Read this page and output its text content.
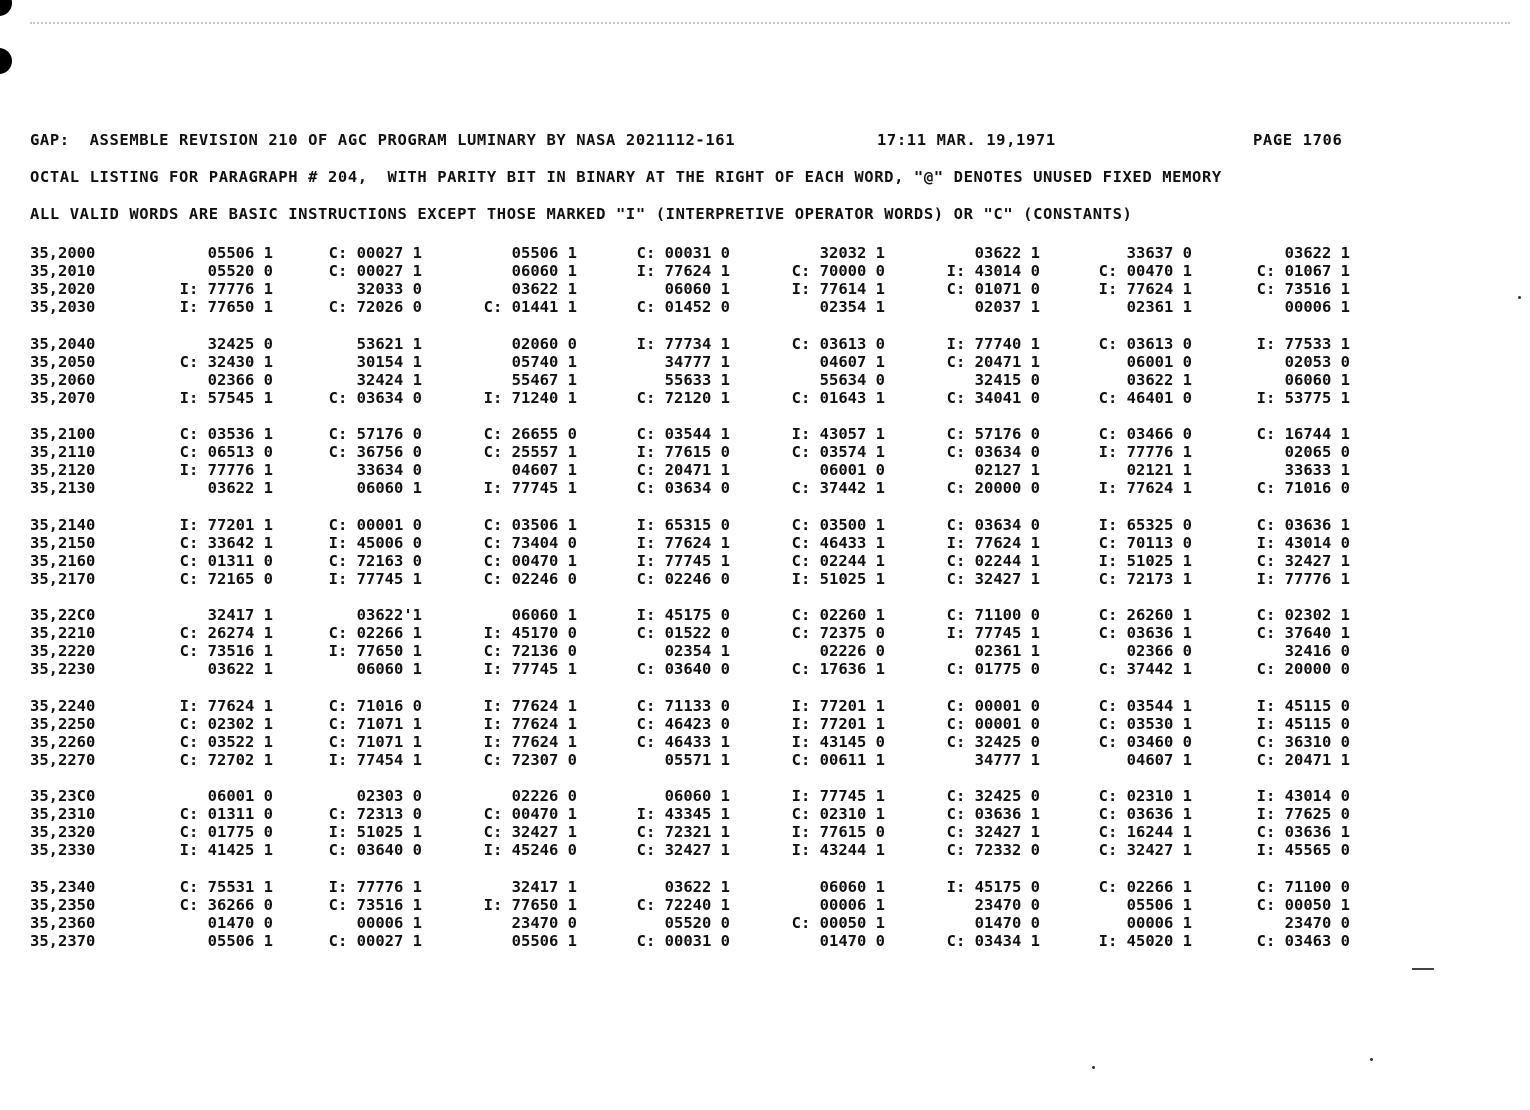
GAP:  ASSEMBLE REVISION 210 OF AGC PROGRAM LUMINARY BY NASA 2021112-161	17:11 MAR. 19,1971	PAGE 1706
OCTAL LISTING FOR PARAGRAPH # 204,  WITH PARITY BIT IN BINARY AT THE RIGHT OF EACH WORD, "@" DENOTES UNUSED FIXED MEMORY
ALL VALID WORDS ARE BASIC INSTRUCTIONS EXCEPT THOSE MARKED "I" (INTERPRETIVE OPERATOR WORDS) OR "C" (CONSTANTS)
35,2000	05506 1	C: 00027 1	05506 1	C: 00031 0	32032 1	03622 1	33637 0	03622 1
35,2010	05520 0	C: 00027 1	06060 1	I: 77624 1	C: 70000 0	I: 43014 0	C: 00470 1	C: 01067 1
35,2020	I: 77776 1	32033 0	03622 1	06060 1	I: 77614 1	C: 01071 0	I: 77624 1	C: 73516 1
35,2030	I: 77650 1	C: 72026 0	C: 01441 1	C: 01452 0	02354 1	02037 1	02361 1	00006 1
35,2040	32425 0	53621 1	02060 0	I: 77734 1	C: 03613 0	I: 77740 1	C: 03613 0	I: 77533 1
35,2050	C: 32430 1	30154 1	05740 1	34777 1	04607 1	C: 20471 1	06001 0	02053 0
35,2060	02366 0	32424 1	55467 1	55633 1	55634 0	32415 0	03622 1	06060 1
35,2070	I: 57545 1	C: 03634 0	I: 71240 1	C: 72120 1	C: 01643 1	C: 34041 0	C: 46401 0	I: 53775 1
35,2100	C: 03536 1	C: 57176 0	C: 26655 0	C: 03544 1	I: 43057 1	C: 57176 0	C: 03466 0	C: 16744 1
35,2110	C: 06513 0	C: 36756 0	C: 25557 1	I: 77615 0	C: 03574 1	C: 03634 0	I: 77776 1	02065 0
35,2120	I: 77776 1	33634 0	04607 1	C: 20471 1	06001 0	02127 1	02121 1	33633 1
35,2130	03622 1	06060 1	I: 77745 1	C: 03634 0	C: 37442 1	C: 20000 0	I: 77624 1	C: 71016 0
35,2140	I: 77201 1	C: 00001 0	C: 03506 1	I: 65315 0	C: 03500 1	C: 03634 0	I: 65325 0	C: 03636 1
35,2150	C: 33642 1	I: 45006 0	C: 73404 0	I: 77624 1	C: 46433 1	I: 77624 1	C: 70113 0	I: 43014 0
35,2160	C: 01311 0	C: 72163 0	C: 00470 1	I: 77745 1	C: 02244 1	C: 02244 1	I: 51025 1	C: 32427 1
35,2170	C: 72165 0	I: 77745 1	C: 02246 0	C: 02246 0	I: 51025 1	C: 32427 1	C: 72173 1	I: 77776 1
35,22C0	32417 1	03622'1	06060 1	I: 45175 0	C: 02260 1	C: 71100 0	C: 26260 1	C: 02302 1
35,2210	C: 26274 1	C: 02266 1	I: 45170 0	C: 01522 0	C: 72375 0	I: 77745 1	C: 03636 1	C: 37640 1
35,2220	C: 73516 1	I: 77650 1	C: 72136 0	02354 1	02226 0	02361 1	02366 0	32416 0
35,2230	03622 1	06060 1	I: 77745 1	C: 03640 0	C: 17636 1	C: 01775 0	C: 37442 1	C: 20000 0
35,2240	I: 77624 1	C: 71016 0	I: 77624 1	C: 71133 0	I: 77201 1	C: 00001 0	C: 03544 1	I: 45115 0
35,2250	C: 02302 1	C: 71071 1	I: 77624 1	C: 46423 0	I: 77201 1	C: 00001 0	C: 03530 1	I: 45115 0
35,2260	C: 03522 1	C: 71071 1	I: 77624 1	C: 46433 1	I: 43145 0	C: 32425 0	C: 03460 0	C: 36310 0
35,2270	C: 72702 1	I: 77454 1	C: 72307 0	05571 1	C: 00611 1	34777 1	04607 1	C: 20471 1
35,23C0	06001 0	02303 0	02226 0	06060 1	I: 77745 1	C: 32425 0	C: 02310 1	I: 43014 0
35,2310	C: 01311 0	C: 72313 0	C: 00470 1	I: 43345 1	C: 02310 1	C: 03636 1	C: 03636 1	I: 77625 0
35,2320	C: 01775 0	I: 51025 1	C: 32427 1	C: 72321 1	I: 77615 0	C: 32427 1	C: 16244 1	C: 03636 1
35,2330	I: 41425 1	C: 03640 0	I: 45246 0	C: 32427 1	I: 43244 1	C: 72332 0	C: 32427 1	I: 45565 0
35,2340	C: 75531 1	I: 77776 1	32417 1	03622 1	06060 1	I: 45175 0	C: 02266 1	C: 71100 0
35,2350	C: 36266 0	C: 73516 1	I: 77650 1	C: 72240 1	00006 1	23470 0	05506 1	C: 00050 1
35,2360	01470 0	00006 1	23470 0	05520 0	C: 00050 1	01470 0	00006 1	23470 0
35,2370	05506 1	C: 00027 1	05506 1	C: 00031 0	01470 0	C: 03434 1	I: 45020 1	C: 03463 0
